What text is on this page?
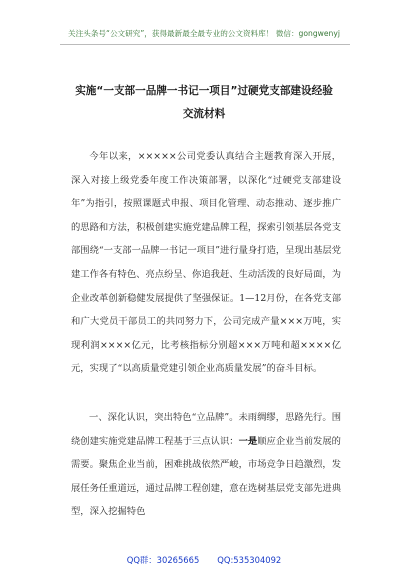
关注头条号“公文研究”，获得最新最全最专业的公文资料库！ 微信：gongwenyj
实施“一支部一品牌一书记一项目”过硬党支部建设经验
交流材料

今年以来，×××××公司党委认真结合主题教育深入开展，深入对接上级党委年度工作决策部署，以深化“过硬党支部建设年”为指引，按照课题式申报、项目化管理、动态推动、逐步推广的思路和方法，积极创建实施党建品牌工程，探索引领基层各党支部围绕“一支部一品牌一书记一项目”进行量身打造，呈现出基层党建工作各有特色、亮点纷呈、你追我赶、生动活泼的良好局面，为企业改革创新稳健发展提供了坚强保证。1—12月份，在各党支部和广大党员干部员工的共同努力下，公司完成产量×××万吨，实现利润××××亿元，比考核指标分别超×××万吨和超××××亿元，实现了“以高质量党建引领企业高质量发展”的奋斗目标。

一、深化认识，突出特色“立品牌”。未雨绸缪，思路先行。围绕创建实施党建品牌工程基于三点认识：一是顺应企业当前发展的需要。聚焦企业当前，困难挑战依然严峻，市场竞争日趋激烈，发展任务任重道远，通过品牌工程创建，意在选树基层党支部先进典型，深入挖掘特色

QQ群：30265665 QQ:535304092
